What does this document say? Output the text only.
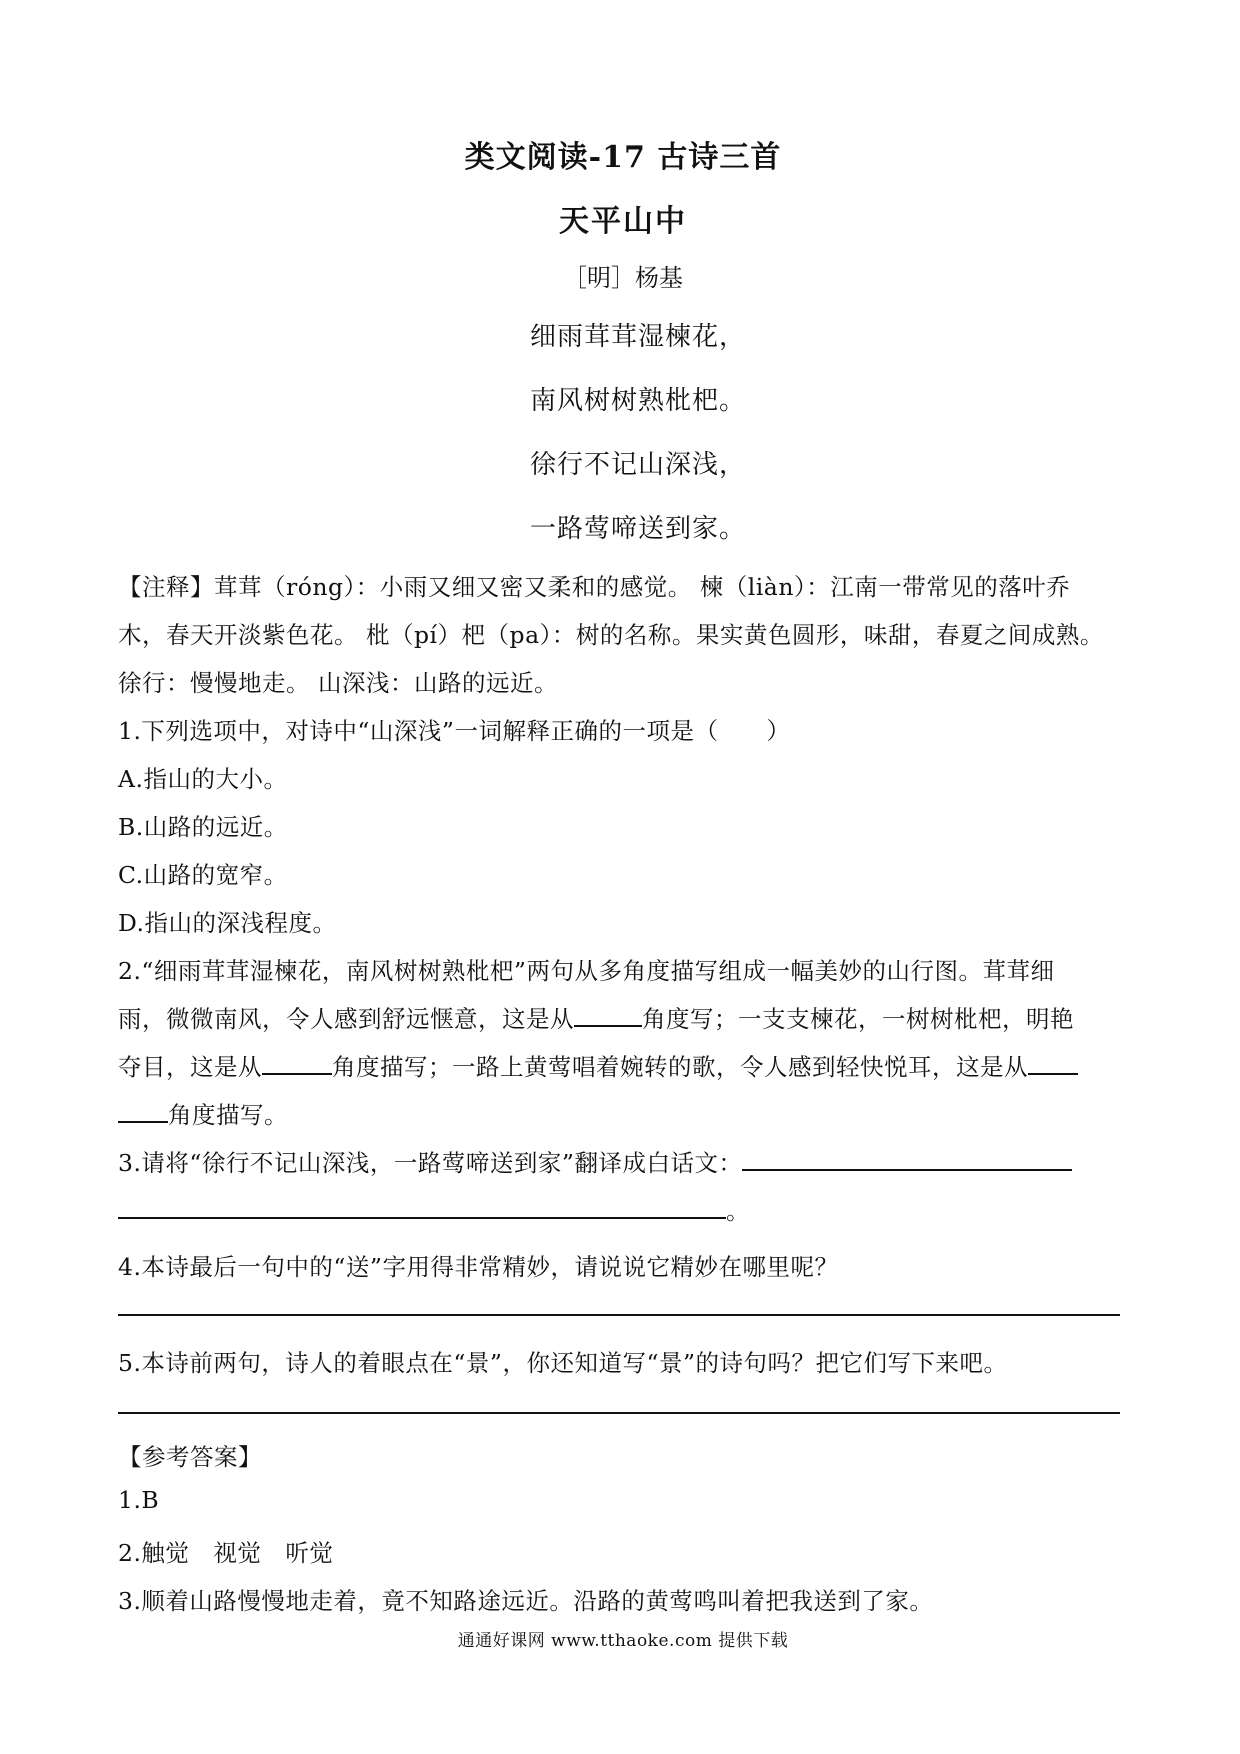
类文阅读-17 古诗三首
天平山中
［明］杨基
细雨茸茸湿楝花，
南风树树熟枇杷。
徐行不记山深浅，
一路莺啼送到家。
【注释】茸茸（róng）：小雨又细又密又柔和的感觉。 楝（liàn）：江南一带常见的落叶乔
木，春天开淡紫色花。 枇（pí）杷（pa）：树的名称。果实黄色圆形，味甜，春夏之间成熟。
徐行：慢慢地走。 山深浅：山路的远近。
1.下列选项中，对诗中“山深浅”一词解释正确的一项是（　　）
A.指山的大小。
B.山路的远近。
C.山路的宽窄。
D.指山的深浅程度。
2.“细雨茸茸湿楝花，南风树树熟枇杷”两句从多角度描写组成一幅美妙的山行图。茸茸细
雨，微微南风，令人感到舒远惬意，这是从	角度写；一支支楝花，一树树枇杷，明艳
夺目，这是从	角度描写；一路上黄莺唱着婉转的歌，令人感到轻快悦耳，这是从
角度描写。
3.请将“徐行不记山深浅，一路莺啼送到家”翻译成白话文：
。
4.本诗最后一句中的“送”字用得非常精妙，请说说它精妙在哪里呢？
5.本诗前两句，诗人的着眼点在“景”，你还知道写“景”的诗句吗？把它们写下来吧。
【参考答案】
1.B
2.触觉　视觉　听觉
3.顺着山路慢慢地走着，竟不知路途远近。沿路的黄莺鸣叫着把我送到了家。
通通好课网 www.tthaoke.com 提供下载
